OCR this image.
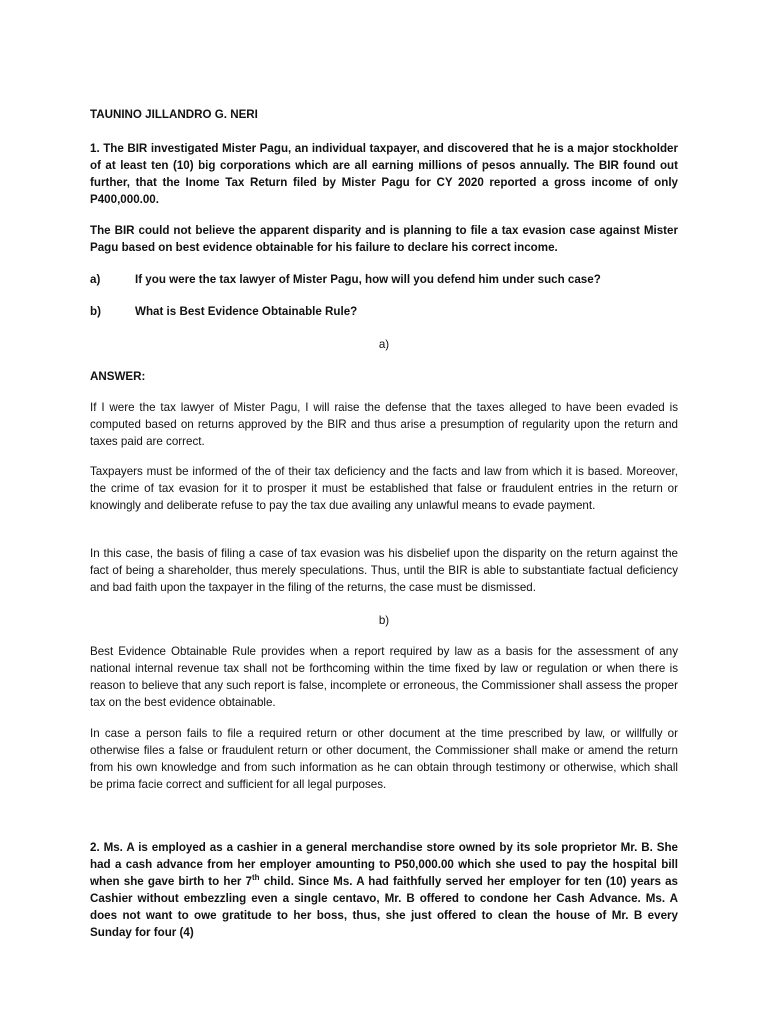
TAUNINO JILLANDRO G. NERI

1. The BIR investigated Mister Pagu, an individual taxpayer, and discovered that he is a major stockholder of at least ten (10) big corporations which are all earning millions of pesos annually. The BIR found out further, that the Inome Tax Return filed by Mister Pagu for CY 2020 reported a gross income of only P400,000.00.

The BIR could not believe the apparent disparity and is planning to file a tax evasion case against Mister Pagu based on best evidence obtainable for his failure to declare his correct income.

a)	If you were the tax lawyer of Mister Pagu, how will you defend him under such case?
b)	What is Best Evidence Obtainable Rule?
a)
ANSWER:

If I were the tax lawyer of Mister Pagu, I will raise the defense that the taxes alleged to have been evaded is computed based on returns approved by the BIR and thus arise a presumption of regularity upon the return and taxes paid are correct.

Taxpayers must be informed of the of their tax deficiency and the facts and law from which it is based. Moreover, the crime of tax evasion for it to prosper it must be established that false or fraudulent entries in the return or knowingly and deliberate refuse to pay the tax due availing any unlawful means to evade payment.

In this case, the basis of filing a case of tax evasion was his disbelief upon the disparity on the return against the fact of being a shareholder, thus merely speculations. Thus, until the BIR is able to substantiate factual deficiency and bad faith upon the taxpayer in the filing of the returns, the case must be dismissed.

b)

Best Evidence Obtainable Rule provides when a report required by law as a basis for the assessment of any national internal revenue tax shall not be forthcoming within the time fixed by law or regulation or when there is reason to believe that any such report is false, incomplete or erroneous, the Commissioner shall assess the proper tax on the best evidence obtainable.

In case a person fails to file a required return or other document at the time prescribed by law, or willfully or otherwise files a false or fraudulent return or other document, the Commissioner shall make or amend the return from his own knowledge and from such information as he can obtain through testimony or otherwise, which shall be prima facie correct and sufficient for all legal purposes.

2. Ms. A is employed as a cashier in a general merchandise store owned by its sole proprietor Mr. B. She had a cash advance from her employer amounting to P50,000.00 which she used to pay the hospital bill when she gave birth to her 7th child. Since Ms. A had faithfully served her employer for ten (10) years as Cashier without embezzling even a single centavo, Mr. B offered to condone her Cash Advance. Ms. A does not want to owe gratitude to her boss, thus, she just offered to clean the house of Mr. B every Sunday for four (4)
